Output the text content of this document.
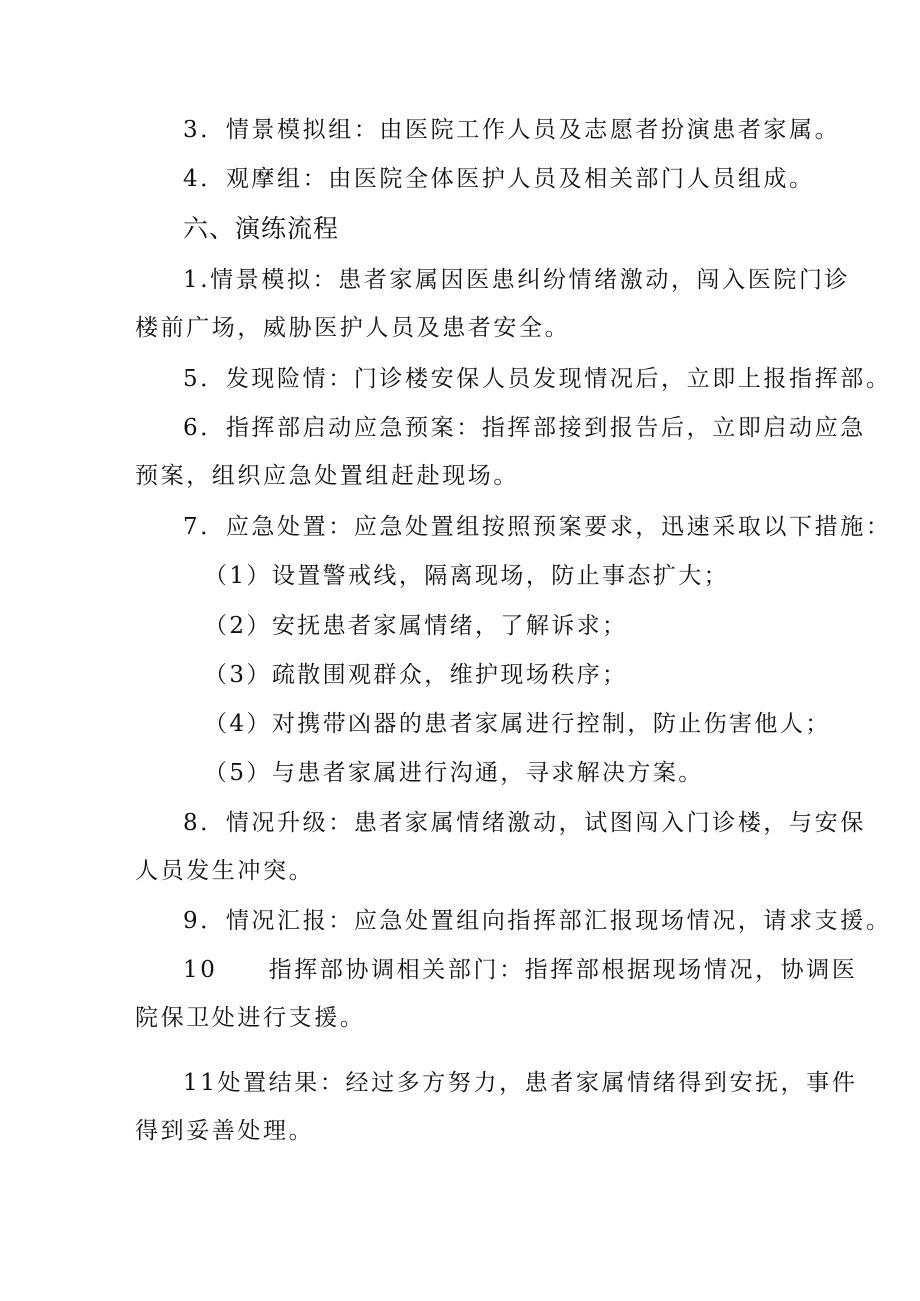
3．情景模拟组：由医院工作人员及志愿者扮演患者家属。
4．观摩组：由医院全体医护人员及相关部门人员组成。
六、演练流程
1.情景模拟：患者家属因医患纠纷情绪激动，闯入医院门诊
楼前广场，威胁医护人员及患者安全。
5．发现险情：门诊楼安保人员发现情况后，立即上报指挥部。
6．指挥部启动应急预案：指挥部接到报告后，立即启动应急
预案，组织应急处置组赶赴现场。
7．应急处置：应急处置组按照预案要求，迅速采取以下措施：
（1）设置警戒线，隔离现场，防止事态扩大；
（2）安抚患者家属情绪，了解诉求；
（3）疏散围观群众，维护现场秩序；
（4）对携带凶器的患者家属进行控制，防止伤害他人；
（5）与患者家属进行沟通，寻求解决方案。
8．情况升级：患者家属情绪激动，试图闯入门诊楼，与安保
人员发生冲突。
9．情况汇报：应急处置组向指挥部汇报现场情况，请求支援。
10　　指挥部协调相关部门：指挥部根据现场情况，协调医
院保卫处进行支援。
11处置结果：经过多方努力，患者家属情绪得到安抚，事件
得到妥善处理。
